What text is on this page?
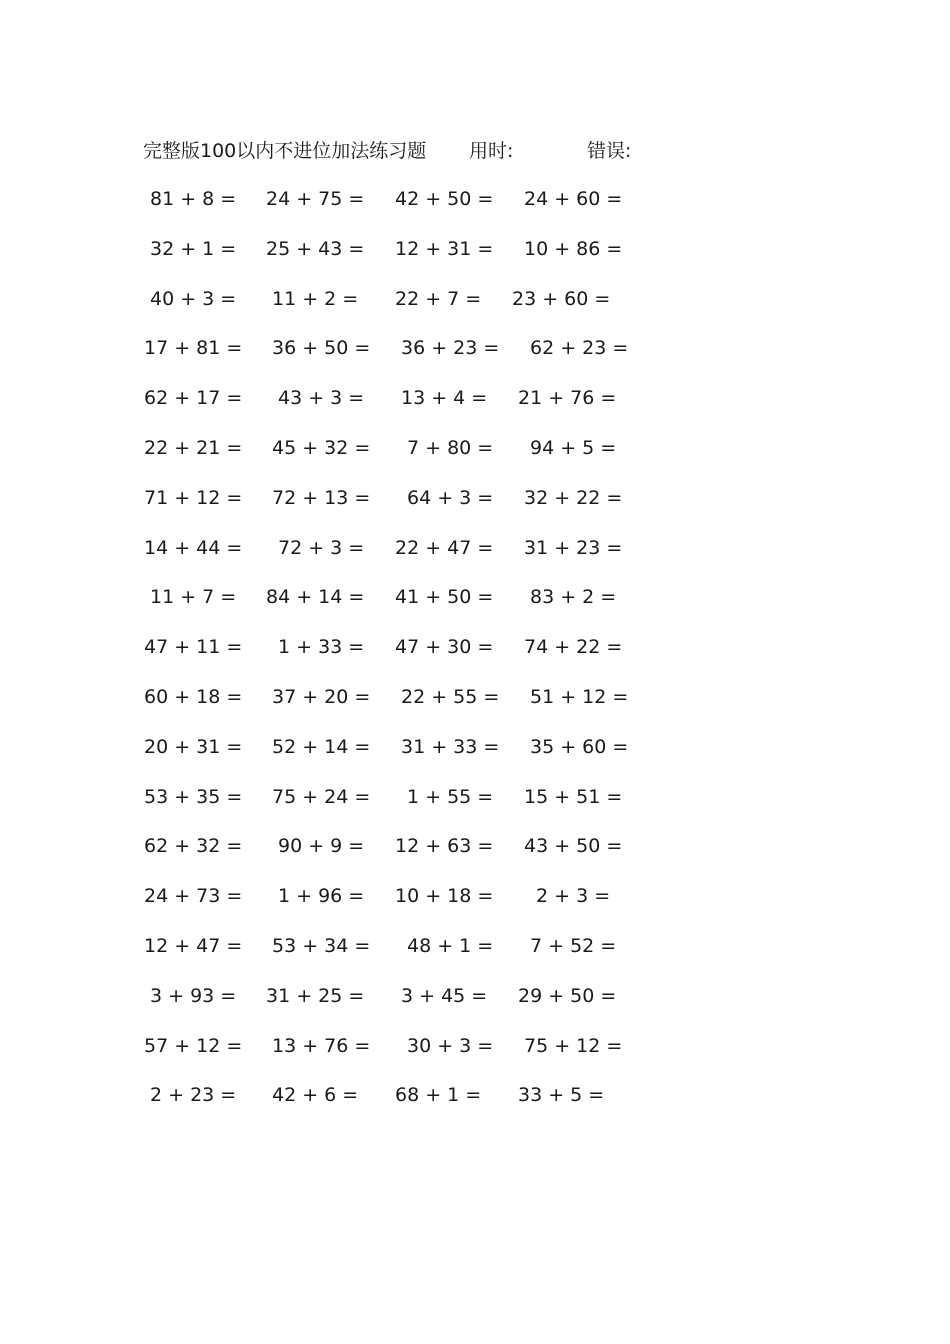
完整版100以内不进位加法练习题 用时:	错误:
81 + 8 = 24 + 75 = 42 + 50 = 24 + 60 =
32 + 1 = 25 + 43 = 12 + 31 = 10 + 86 =
40 + 3 = 11 + 2 = 22 + 7 = 23 + 60 =
17 + 81 = 36 + 50 = 36 + 23 = 62 + 23 =
62 + 17 = 43 + 3 = 13 + 4 = 21 + 76 =
22 + 21 = 45 + 32 = 7 + 80 = 94 + 5 =
71 + 12 = 72 + 13 = 64 + 3 = 32 + 22 =
14 + 44 = 72 + 3 = 22 + 47 = 31 + 23 =
11 + 7 = 84 + 14 = 41 + 50 = 83 + 2 =
47 + 11 = 1 + 33 = 47 + 30 = 74 + 22 =
60 + 18 = 37 + 20 = 22 + 55 = 51 + 12 =
20 + 31 = 52 + 14 = 31 + 33 = 35 + 60 =
53 + 35 = 75 + 24 = 1 + 55 = 15 + 51 =
62 + 32 = 90 + 9 = 12 + 63 = 43 + 50 =
24 + 73 = 1 + 96 = 10 + 18 = 2 + 3 =
12 + 47 = 53 + 34 = 48 + 1 = 7 + 52 =
3 + 93 = 31 + 25 = 3 + 45 = 29 + 50 =
57 + 12 = 13 + 76 = 30 + 3 = 75 + 12 =
2 + 23 = 42 + 6 = 68 + 1 = 33 + 5 =
